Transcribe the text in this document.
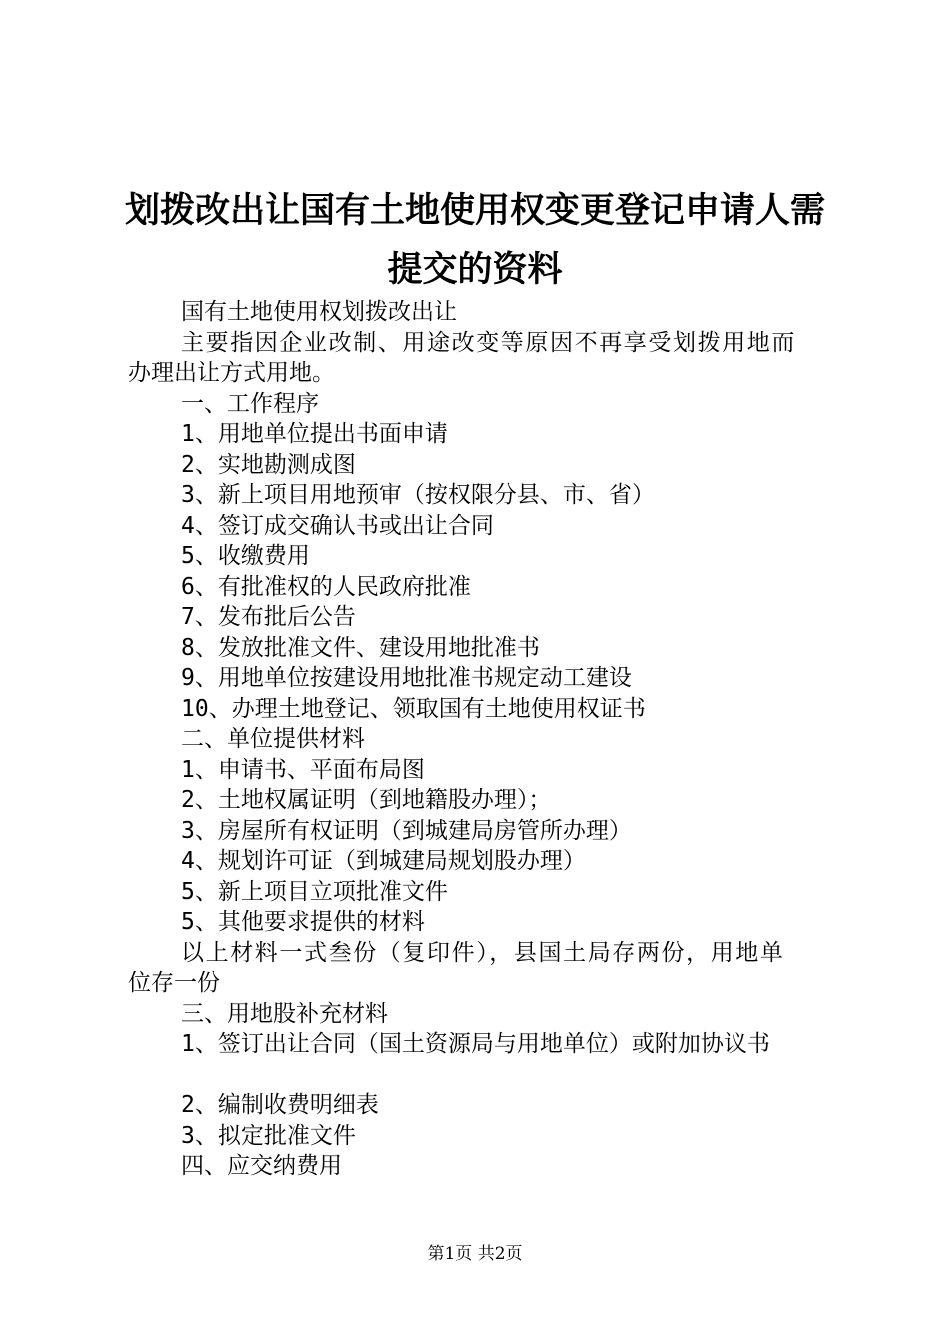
划拨改出让国有土地使用权变更登记申请人需
提交的资料
国有土地使用权划拨改出让
主要指因企业改制、用途改变等原因不再享受划拨用地而
办理出让方式用地。
一、工作程序
1、用地单位提出书面申请
2、实地勘测成图
3、新上项目用地预审（按权限分县、市、省）
4、签订成交确认书或出让合同
5、收缴费用
6、有批准权的人民政府批准
7、发布批后公告
8、发放批准文件、建设用地批准书
9、用地单位按建设用地批准书规定动工建设
10、办理土地登记、领取国有土地使用权证书
二、单位提供材料
1、申请书、平面布局图
2、土地权属证明（到地籍股办理）；
3、房屋所有权证明（到城建局房管所办理）
4、规划许可证（到城建局规划股办理）
5、新上项目立项批准文件
5、其他要求提供的材料
以上材料一式叁份（复印件），县国土局存两份，用地单
位存一份
三、用地股补充材料
1、签订出让合同（国土资源局与用地单位）或附加协议书
2、编制收费明细表
3、拟定批准文件
四、应交纳费用
第1页 共2页
